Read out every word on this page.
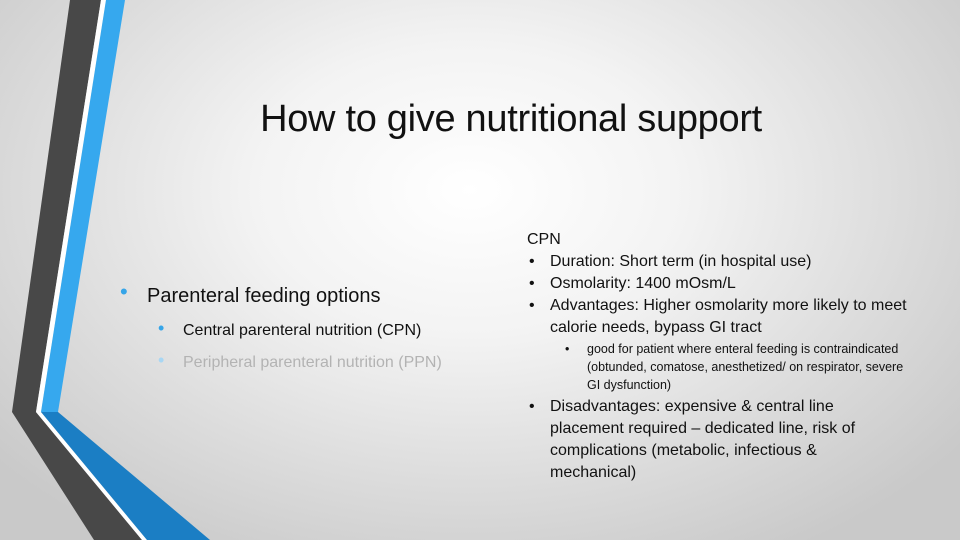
How to give nutritional support
• Parenteral feeding options
• Central parenteral nutrition (CPN)
• Peripheral parenteral nutrition (PPN)
CPN
• Duration: Short term (in hospital use)
• Osmolarity: 1400 mOsm/L
• Advantages: Higher osmolarity more likely to meet calorie needs, bypass GI tract
• good for patient where enteral feeding is contraindicated (obtunded, comatose, anesthetized/ on respirator, severe GI dysfunction)
• Disadvantages: expensive & central line placement required – dedicated line, risk of complications (metabolic, infectious & mechanical)
